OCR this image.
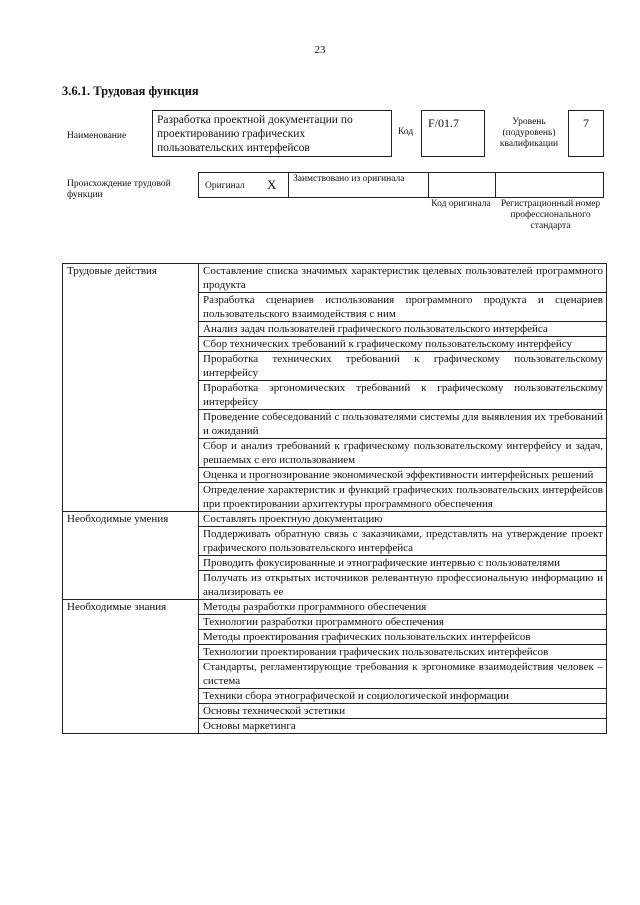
23
3.6.1. Трудовая функция
Наименование
Разработка проектной документации по проектированию графических пользовательских интерфейсов
Код
F/01.7	Уровень (подуровень) квалификации
7
Происхождение трудовой функции
Оригинал X Заимствовано из оригинала
Код оригинала	Регистрационный номер профессионального стандарта
Трудовые действия	Составление списка значимых характеристик целевых пользователей программного продукта
	Разработка сценариев использования программного продукта и сценариев пользовательского взаимодействия с ним
	Анализ задач пользователей графического пользовательского интерфейса
	Сбор технических требований к графическому пользовательскому интерфейсу
	Проработка технических требований к графическому пользовательскому интерфейсу
	Проработка эргономических требований к графическому пользовательскому интерфейсу
	Проведение собеседований с пользователями системы для выявления их требований и ожиданий
	Сбор и анализ требований к графическому пользовательскому интерфейсу и задач, решаемых с его использованием
	Оценка и прогнозирование экономической эффективности интерфейсных решений
	Определение характеристик и функций графических пользовательских интерфейсов при проектировании архитектуры программного обеспечения
Необходимые умения	Составлять проектную документацию
	Поддерживать обратную связь с заказчиками, представлять на утверждение проект графического пользовательского интерфейса
	Проводить фокусированные и этнографические интервью с пользователями
	Получать из открытых источников релевантную профессиональную информацию и анализировать ее
Необходимые знания	Методы разработки программного обеспечения
	Технологии разработки программного обеспечения
	Методы проектирования графических пользовательских интерфейсов
	Технологии проектирования графических пользовательских интерфейсов
	Стандарты, регламентирующие требования к эргономике взаимодействия человек – система
	Техники сбора этнографической и социологической информации
	Основы технической эстетики
	Основы маркетинга
